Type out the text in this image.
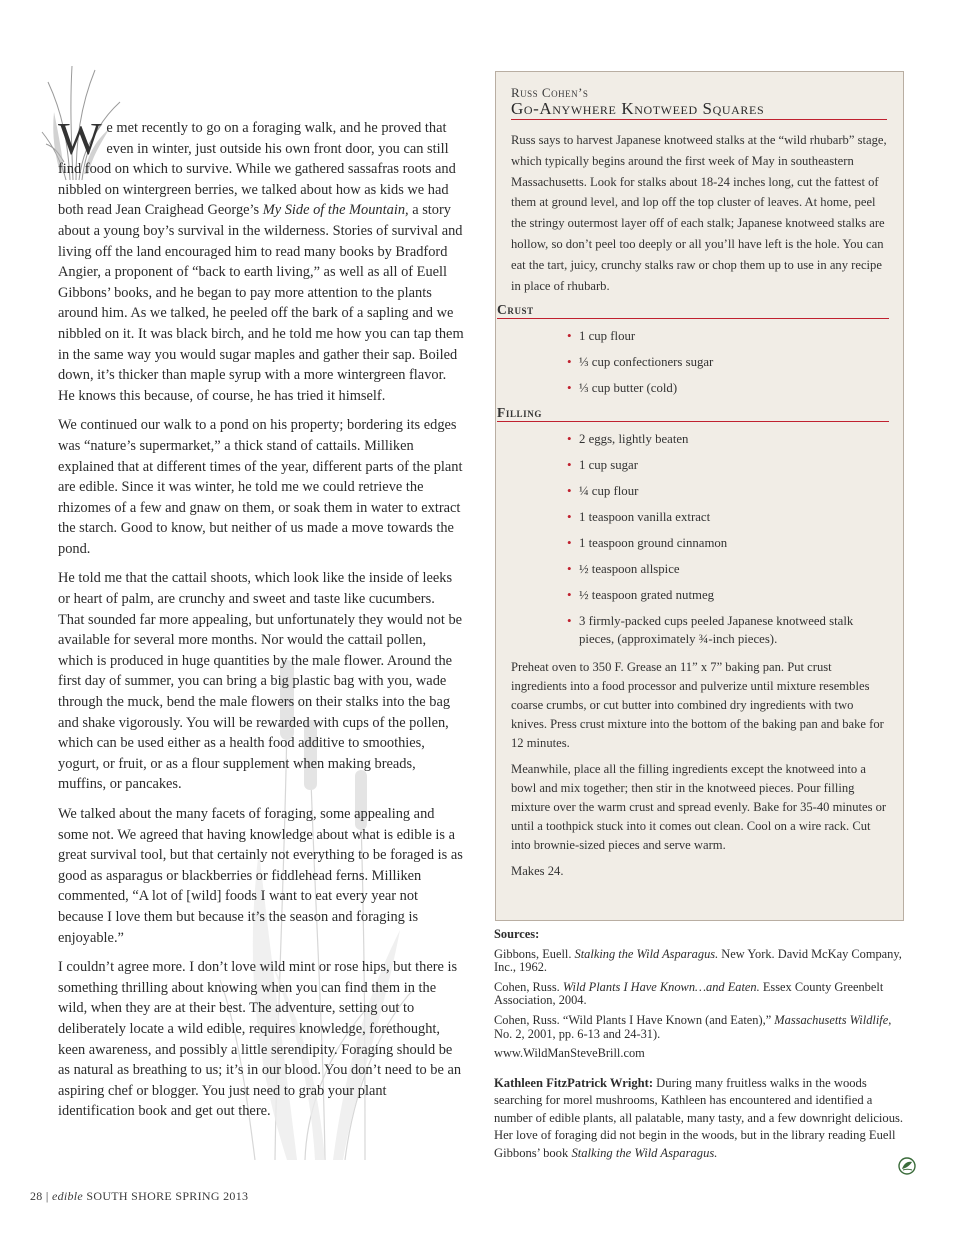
We met recently to go on a foraging walk, and he proved that even in winter, just outside his own front door, you can still find food on which to survive. While we gathered sassafras roots and nibbled on wintergreen berries, we talked about how as kids we had both read Jean Craighead George’s My Side of the Mountain, a story about a young boy’s survival in the wilderness. Stories of survival and living off the land encouraged him to read many books by Bradford Angier, a proponent of “back to earth living,” as well as all of Euell Gibbons’ books, and he began to pay more attention to the plants around him. As we talked, he peeled off the bark of a sapling and we nibbled on it. It was black birch, and he told me how you can tap them in the same way you would sugar maples and gather their sap. Boiled down, it’s thicker than maple syrup with a more wintergreen flavor. He knows this because, of course, he has tried it himself.

We continued our walk to a pond on his property; bordering its edges was “nature’s supermarket,” a thick stand of cattails. Milliken explained that at different times of the year, different parts of the plant are edible. Since it was winter, he told me we could retrieve the rhizomes of a few and gnaw on them, or soak them in water to extract the starch. Good to know, but neither of us made a move towards the pond.

He told me that the cattail shoots, which look like the inside of leeks or heart of palm, are crunchy and sweet and taste like cucumbers. That sounded far more appealing, but unfortunately they would not be available for several more months. Nor would the cattail pollen, which is produced in huge quantities by the male flower. Around the first day of summer, you can bring a big plastic bag with you, wade through the muck, bend the male flowers on their stalks into the bag and shake vigorously. You will be rewarded with cups of the pollen, which can be used either as a health food additive to smoothies, yogurt, or fruit, or as a flour supplement when making breads, muffins, or pancakes.

We talked about the many facets of foraging, some appealing and some not. We agreed that having knowledge about what is edible is a great survival tool, but that certainly not everything to be foraged is as good as asparagus or blackberries or fiddlehead ferns. Milliken commented, “A lot of [wild] foods I want to eat every year not because I love them but because it’s the season and foraging is enjoyable.”

I couldn’t agree more. I don’t love wild mint or rose hips, but there is something thrilling about knowing when you can find them in the wild, when they are at their best. The adventure, setting out to deliberately locate a wild edible, requires knowledge, forethought, keen awareness, and possibly a little serendipity. Foraging should be as natural as breathing to us; it’s in our blood. You don’t need to be an aspiring chef or blogger. You just need to grab your plant identification book and get out there.

Russ Cohen’s
Go-Anywhere Knotweed Squares
Russ says to harvest Japanese knotweed stalks at the “wild rhubarb” stage, which typically begins around the first week of May in southeastern Massachusetts. Look for stalks about 18-24 inches long, cut the fattest of them at ground level, and lop off the top cluster of leaves. At home, peel the stringy outermost layer off of each stalk; Japanese knotweed stalks are hollow, so don’t peel too deeply or all you’ll have left is the hole. You can eat the tart, juicy, crunchy stalks raw or chop them up to use in any recipe in place of rhubarb.
Crust
• 1 cup flour
• ⅓ cup confectioners sugar
• ⅓ cup butter (cold)
Filling
• 2 eggs, lightly beaten
• 1 cup sugar
• ¼ cup flour
• 1 teaspoon vanilla extract
• 1 teaspoon ground cinnamon
• ½ teaspoon allspice
• ½ teaspoon grated nutmeg
• 3 firmly-packed cups peeled Japanese knotweed stalk pieces, (approximately ¾-inch pieces).

Preheat oven to 350 F. Grease an 11” x 7” baking pan. Put crust ingredients into a food processor and pulverize until mixture resembles coarse crumbs, or cut butter into combined dry ingredients with two knives. Press crust mixture into the bottom of the baking pan and bake for 12 minutes.

Meanwhile, place all the filling ingredients except the knotweed into a bowl and mix together; then stir in the knotweed pieces. Pour filling mixture over the warm crust and spread evenly. Bake for 35-40 minutes or until a toothpick stuck into it comes out clean. Cool on a wire rack. Cut into brownie-sized pieces and serve warm.

Makes 24.

Sources:
Gibbons, Euell. Stalking the Wild Asparagus. New York. David McKay Company, Inc., 1962.
Cohen, Russ. Wild Plants I Have Known…and Eaten. Essex County Greenbelt Association, 2004.
Cohen, Russ. “Wild Plants I Have Known (and Eaten),” Massachusetts Wildlife, No. 2, 2001, pp. 6-13 and 24-31).
www.WildManSteveBrill.com
Kathleen FitzPatrick Wright: During many fruitless walks in the woods searching for morel mushrooms, Kathleen has encountered and identified a number of edible plants, all palatable, many tasty, and a few downright delicious. Her love of foraging did not begin in the woods, but in the library reading Euell Gibbons’ book Stalking the Wild Asparagus.
28 | edible SOUTH SHORE SPRING 2013
